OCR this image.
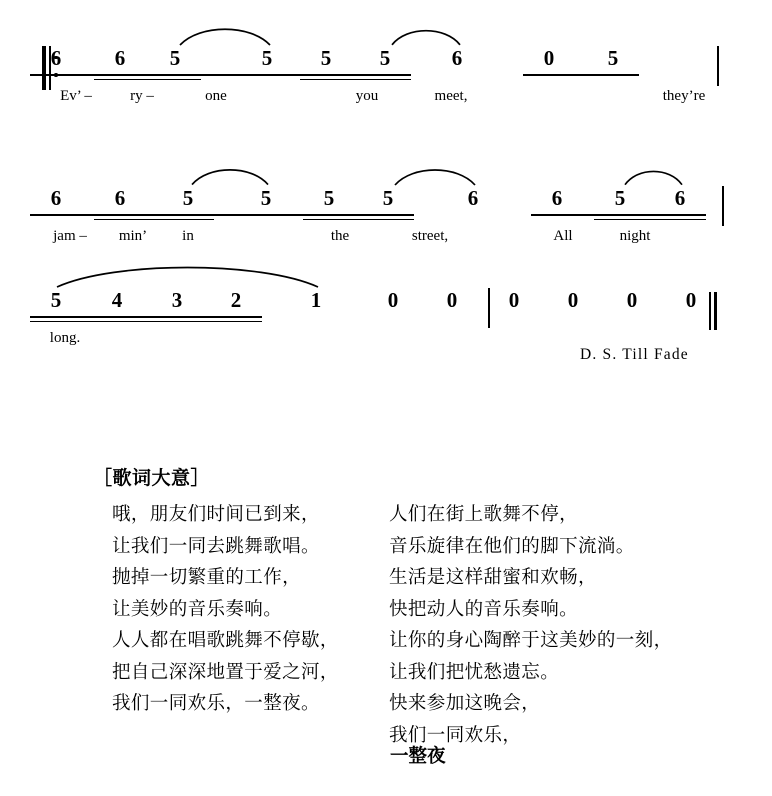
6	6 5	5 5 5	6	0	5
Ev’ –	ry –	one	you	meet,	they’re
6	6	5	5	5 5	6	6	5 6
jam – min’ in	the	street,	All	night
D. S. Till Fade
5 4 3 2	1	0 0 0 0 0 0
long.
［歌词大意］
哦，朋友们时间已到来，
让我们一同去跳舞歌唱。
抛掉一切繁重的工作，
让美妙的音乐奏响。
人人都在唱歌跳舞不停歇，
把自己深深地置于爱之河，
我们一同欢乐，一整夜。
人们在街上歌舞不停，
音乐旋律在他们的脚下流淌。
生活是这样甜蜜和欢畅，
快把动人的音乐奏响。
让你的身心陶醉于这美妙的一刻，
让我们把忧愁遗忘。
快来参加这晚会，
我们一同欢乐，
一整夜
